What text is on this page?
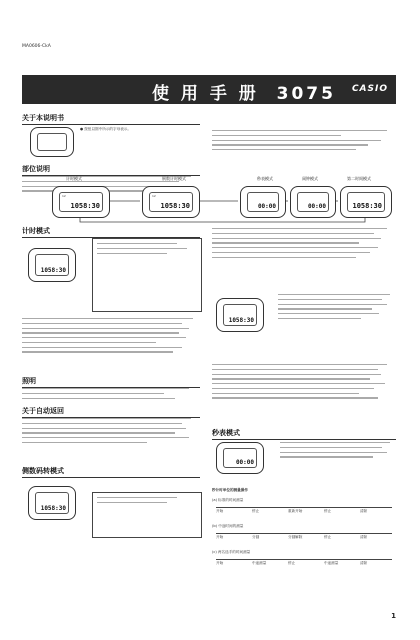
MA0606-CkA
使 用 手 册 3075 CASIO
关于本说明书
● 按钮以图中所示的字母表示。
部位说明
计时模式	倒数计时模式	秒表模式	闹钟模式	第二时间模式
12
1058:30
12
1058:30	00:00	00:00	1058:30
计时模式
1058:30
照明
关于自动返回
侧数码转模式
1058:30
1058:30
秒表模式
00:00
秒计时单位的测量操作
(a) 标准的时间测量
开始	停止	重新开始	停止	清除
(b) 中途时间的测量
开始	分割	分割解除	停止	清除
(c) 两名选手的时间测量
开始	中途测量	停止	中途测量	清除
1
